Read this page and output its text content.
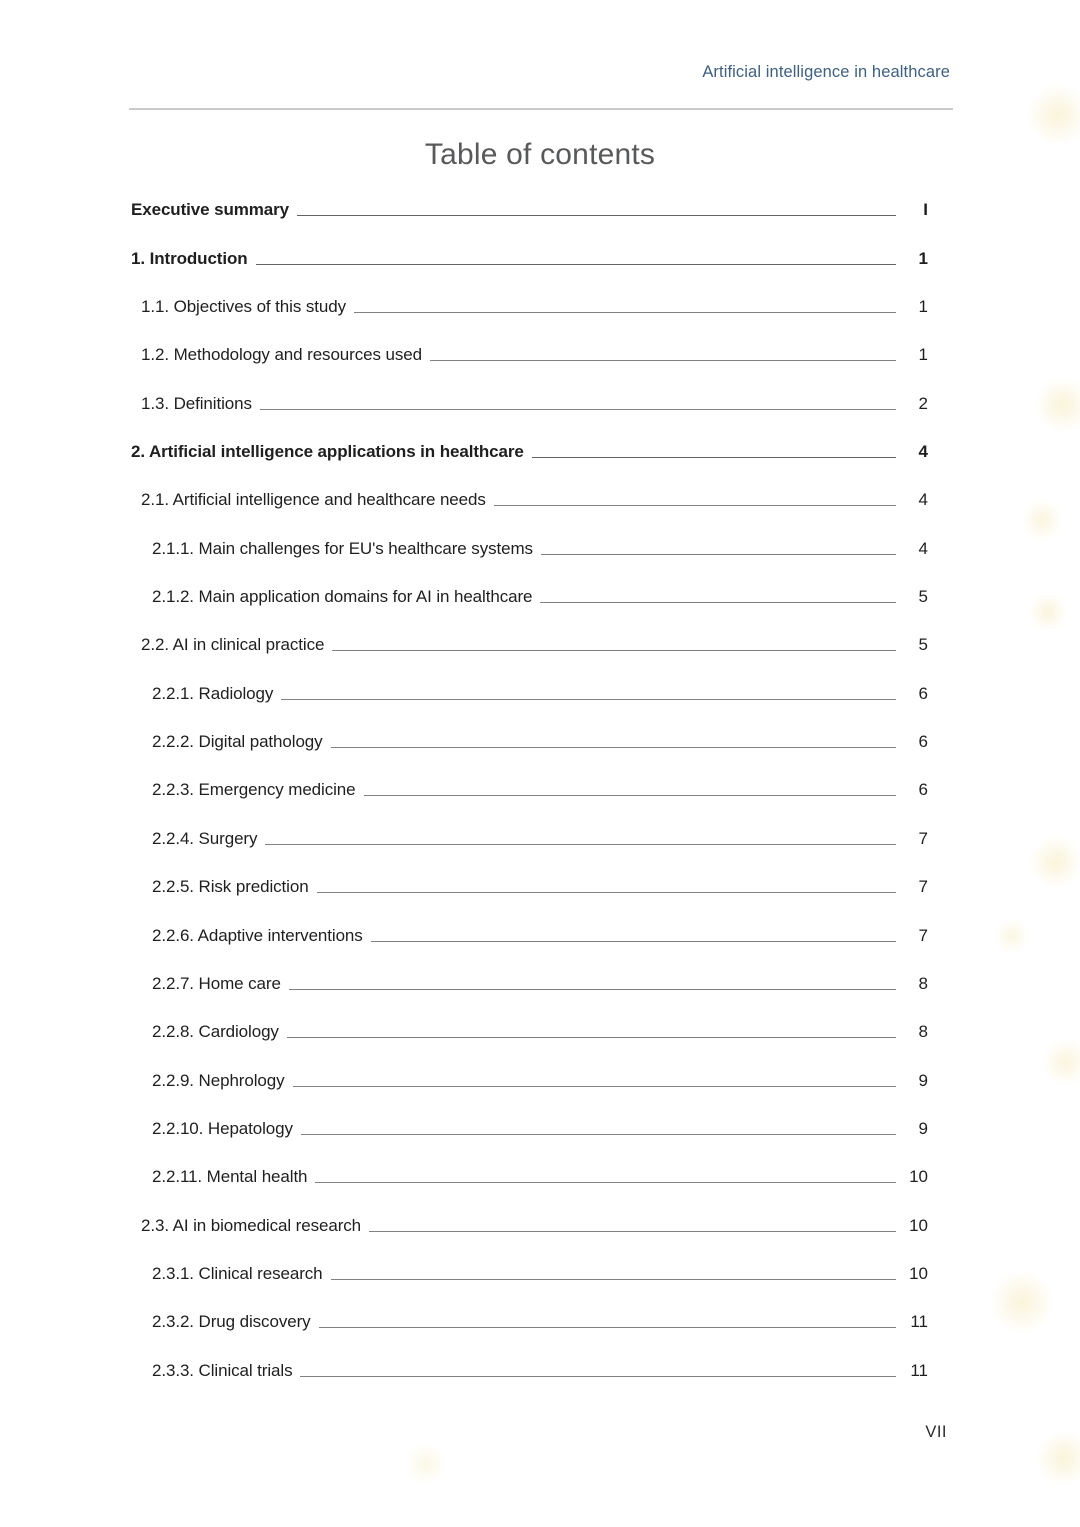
Artificial intelligence in healthcare
Table of contents
Executive summary	I
1. Introduction	1
1.1. Objectives of this study	1
1.2. Methodology and resources used	1
1.3. Definitions	2
2. Artificial intelligence applications in healthcare	4
2.1. Artificial intelligence and healthcare needs	4
2.1.1. Main challenges for EU's healthcare systems	4
2.1.2. Main application domains for AI in healthcare	5
2.2. AI in clinical practice	5
2.2.1. Radiology	6
2.2.2. Digital pathology	6
2.2.3. Emergency medicine	6
2.2.4. Surgery	7
2.2.5. Risk prediction	7
2.2.6. Adaptive interventions	7
2.2.7. Home care	8
2.2.8. Cardiology	8
2.2.9. Nephrology	9
2.2.10. Hepatology	9
2.2.11. Mental health	10
2.3. AI in biomedical research	10
2.3.1. Clinical research	10
2.3.2. Drug discovery	11
2.3.3. Clinical trials	11
VII
